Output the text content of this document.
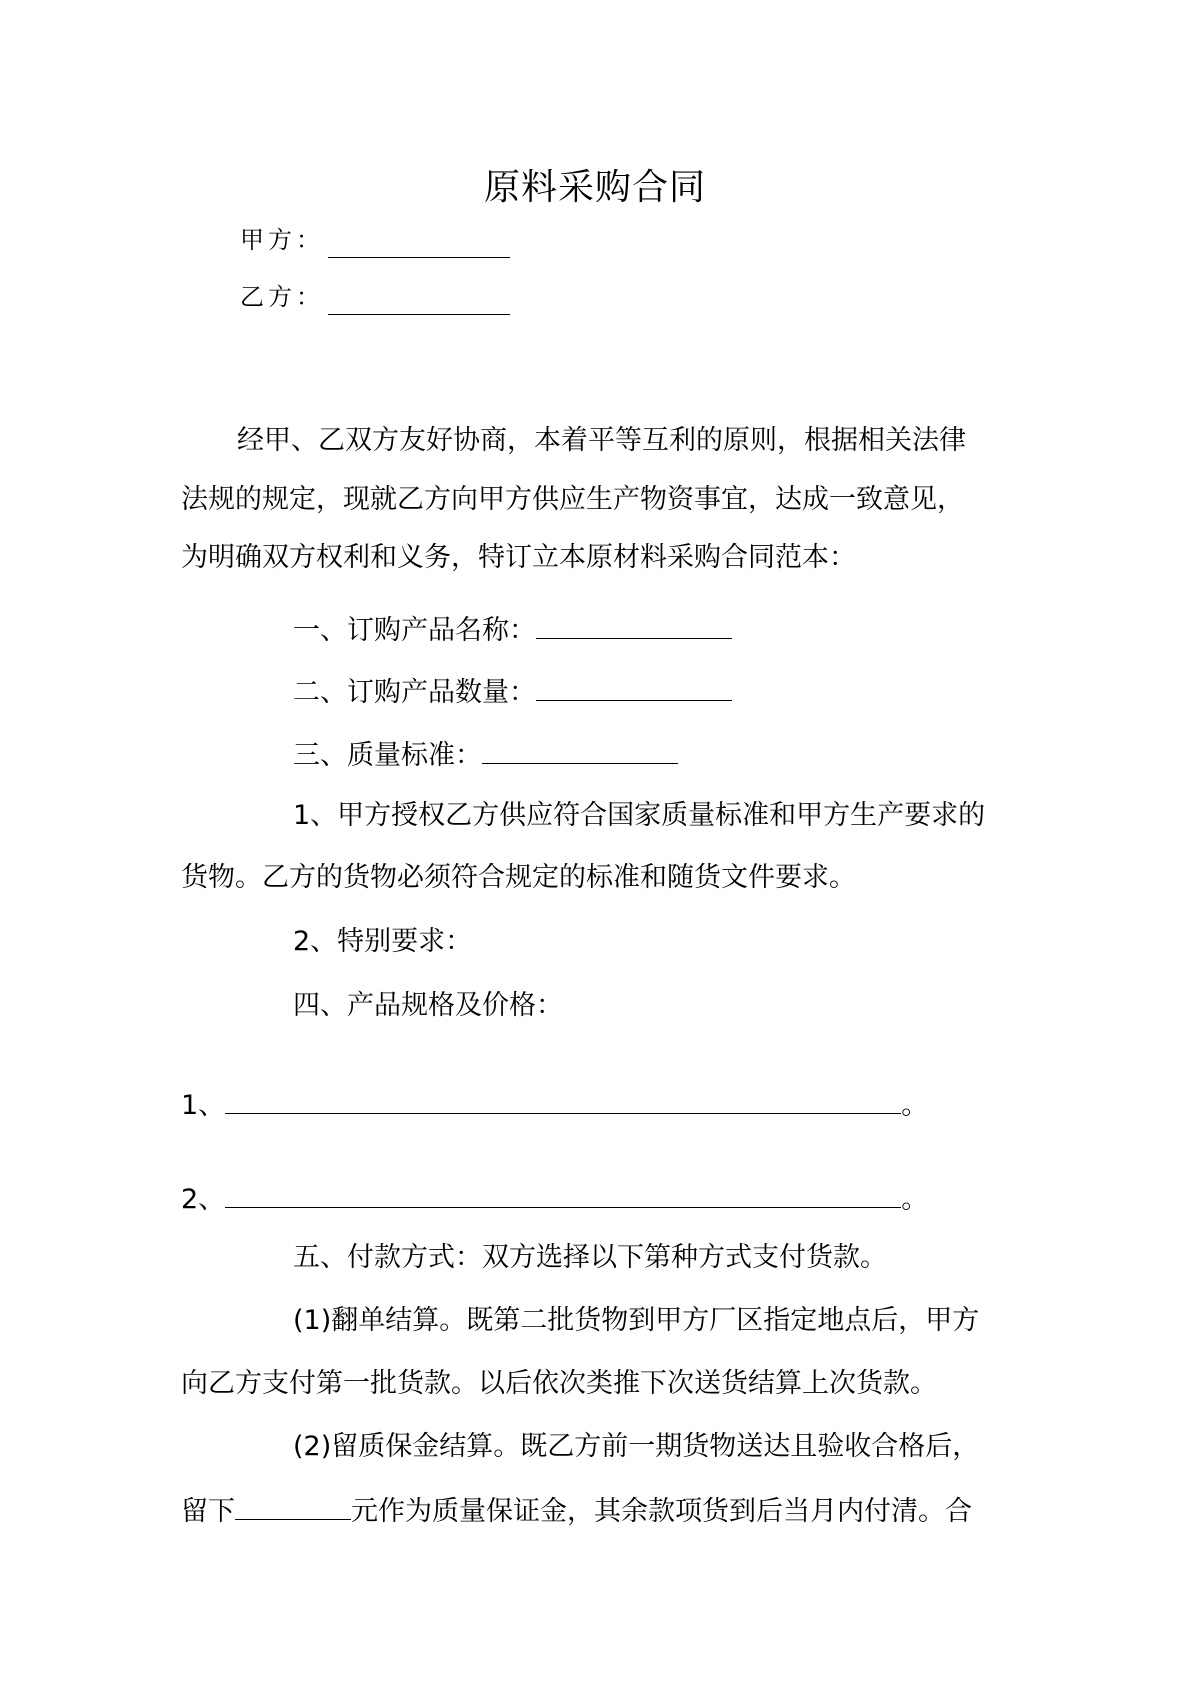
原料采购合同
甲方：
乙方：
经甲、乙双方友好协商，本着平等互利的原则，根据相关法律
法规的规定，现就乙方向甲方供应生产物资事宜，达成一致意见，
为明确双方权利和义务，特订立本原材料采购合同范本：
一、订购产品名称：
二、订购产品数量：
三、质量标准：
1、甲方授权乙方供应符合国家质量标准和甲方生产要求的
货物。乙方的货物必须符合规定的标准和随货文件要求。
2、特别要求：
四、产品规格及价格：
1、	。
2、	。
五、付款方式：双方选择以下第种方式支付货款。
(1)翻单结算。既第二批货物到甲方厂区指定地点后，甲方
向乙方支付第一批货款。以后依次类推下次送货结算上次货款。
(2)留质保金结算。既乙方前一期货物送达且验收合格后，
留下	元作为质量保证金，其余款项货到后当月内付清。合
